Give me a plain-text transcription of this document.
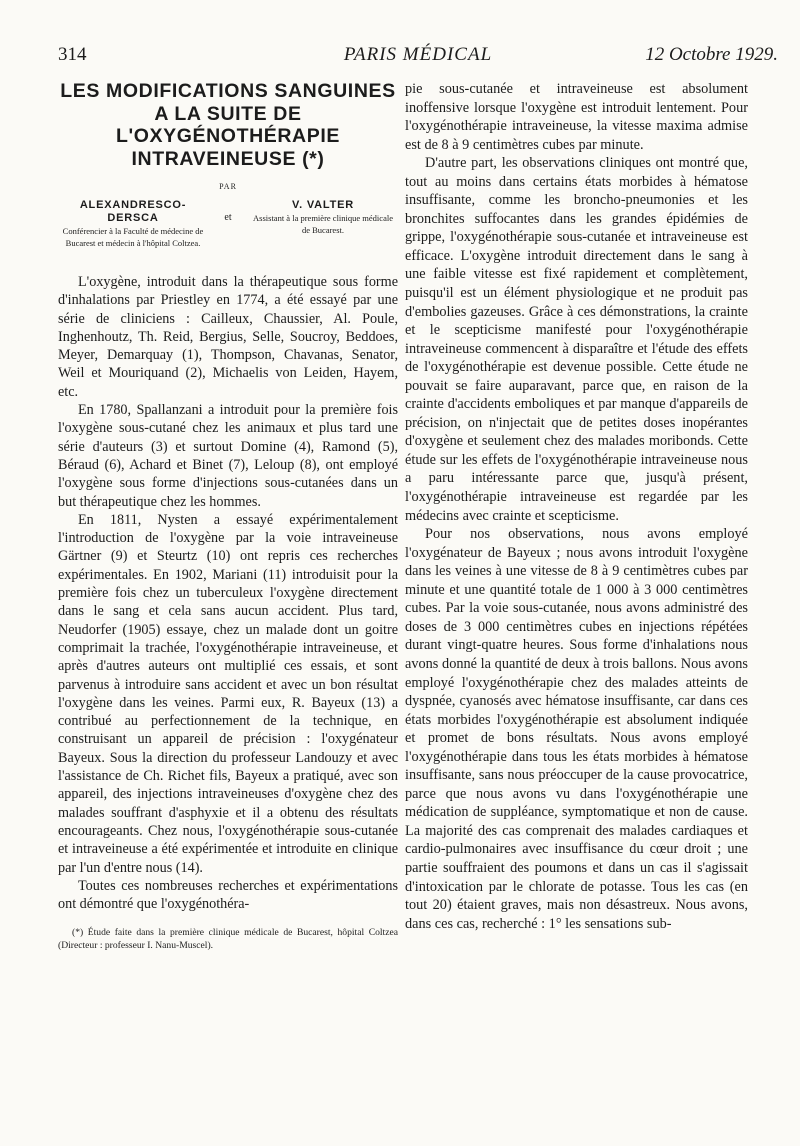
314	PARIS MÉDICAL	12 Octobre 1929.
LES MODIFICATIONS SANGUINES A LA SUITE DE L'OXYGÉNOTHÉRAPIE INTRAVEINEUSE (*)
PAR
ALEXANDRESCO-DERSCA
Conférencier à la Faculté de médecine de Bucarest et médecin à l'hôpital Coltzea.
et
V. VALTER
Assistant à la première clinique médicale de Bucarest.

L'oxygène, introduit dans la thérapeutique sous forme d'inhalations par Priestley en 1774, a été essayé par une série de cliniciens : Cailleux, Chaussier, Al. Poule, Inghenhoutz, Th. Reid, Bergius, Selle, Soucroy, Beddoes, Meyer, Demarquay (1), Thompson, Chavanas, Senator, Weil et Mouriquand (2), Michaelis von Leiden, Hayem, etc.

En 1780, Spallanzani a introduit pour la première fois l'oxygène sous-cutané chez les animaux et plus tard une série d'auteurs (3) et surtout Domine (4), Ramond (5), Béraud (6), Achard et Binet (7), Leloup (8), ont employé l'oxygène sous forme d'injections sous-cutanées dans un but thérapeutique chez les hommes.

En 1811, Nysten a essayé expérimentalement l'introduction de l'oxygène par la voie intraveineuse Gärtner (9) et Steurtz (10) ont repris ces recherches expérimentales. En 1902, Mariani (11) introduisit pour la première fois chez un tuberculeux l'oxygène directement dans le sang et cela sans aucun accident. Plus tard, Neudorfer (1905) essaye, chez un malade dont un goitre comprimait la trachée, l'oxygénothérapie intraveineuse, et après d'autres auteurs ont multiplié ces essais, et sont parvenus à introduire sans accident et avec un bon résultat l'oxygène dans les veines. Parmi eux, R. Bayeux (13) a contribué au perfectionnement de la technique, en construisant un appareil de précision : l'oxygénateur Bayeux. Sous la direction du professeur Landouzy et avec l'assistance de Ch. Richet fils, Bayeux a pratiqué, avec son appareil, des injections intraveineuses d'oxygène chez des malades souffrant d'asphyxie et il a obtenu des résultats encourageants. Chez nous, l'oxygénothérapie sous-cutanée et intraveineuse a été expérimentée et introduite en clinique par l'un d'entre nous (14).

Toutes ces nombreuses recherches et expérimentations ont démontré que l'oxygénothéra-

(*) Étude faite dans la première clinique médicale de Bucarest, hôpital Coltzea (Directeur : professeur I. Nanu-Muscel).

pie sous-cutanée et intraveineuse est absolument inoffensive lorsque l'oxygène est introduit lentement. Pour l'oxygénothérapie intraveineuse, la vitesse maxima admise est de 8 à 9 centimètres cubes par minute.

D'autre part, les observations cliniques ont montré que, tout au moins dans certains états morbides à hématose insuffisante, comme les broncho-pneumonies et les bronchites suffocantes dans les grandes épidémies de grippe, l'oxygénothérapie sous-cutanée et intraveineuse est efficace. L'oxygène introduit directement dans le sang à une faible vitesse est fixé rapidement et complètement, puisqu'il est un élément physiologique et ne produit pas d'embolies gazeuses. Grâce à ces démonstrations, la crainte et le scepticisme manifesté pour l'oxygénothérapie intraveineuse commencent à disparaître et l'étude des effets de l'oxygénothérapie est devenue possible. Cette étude ne pouvait se faire auparavant, parce que, en raison de la crainte d'accidents emboliques et par manque d'appareils de précision, on n'injectait que de petites doses inopérantes d'oxygène et seulement chez des malades moribonds. Cette étude sur les effets de l'oxygénothérapie intraveineuse nous a paru intéressante parce que, jusqu'à présent, l'oxygénothérapie intraveineuse est regardée par les médecins avec crainte et scepticisme.

Pour nos observations, nous avons employé l'oxygénateur de Bayeux ; nous avons introduit l'oxygène dans les veines à une vitesse de 8 à 9 centimètres cubes par minute et une quantité totale de 1 000 à 3 000 centimètres cubes. Par la voie sous-cutanée, nous avons administré des doses de 3 000 centimètres cubes en injections répétées durant vingt-quatre heures. Sous forme d'inhalations nous avons donné la quantité de deux à trois ballons. Nous avons employé l'oxygénothérapie chez des malades atteints de dyspnée, cyanosés avec hématose insuffisante, car dans ces états morbides l'oxygénothérapie est absolument indiquée et promet de bons résultats. Nous avons employé l'oxygénothérapie dans tous les états morbides à hématose insuffisante, sans nous préoccuper de la cause provocatrice, parce que nous avons vu dans l'oxygénothérapie une médication de suppléance, symptomatique et non de cause. La majorité des cas comprenait des malades cardiaques et cardio-pulmonaires avec insuffisance du cœur droit ; une partie souffraient des poumons et dans un cas il s'agissait d'intoxication par le chlorate de potasse. Tous les cas (en tout 20) étaient graves, mais non désastreux. Nous avons, dans ces cas, recherché : 1° les sensations sub-
